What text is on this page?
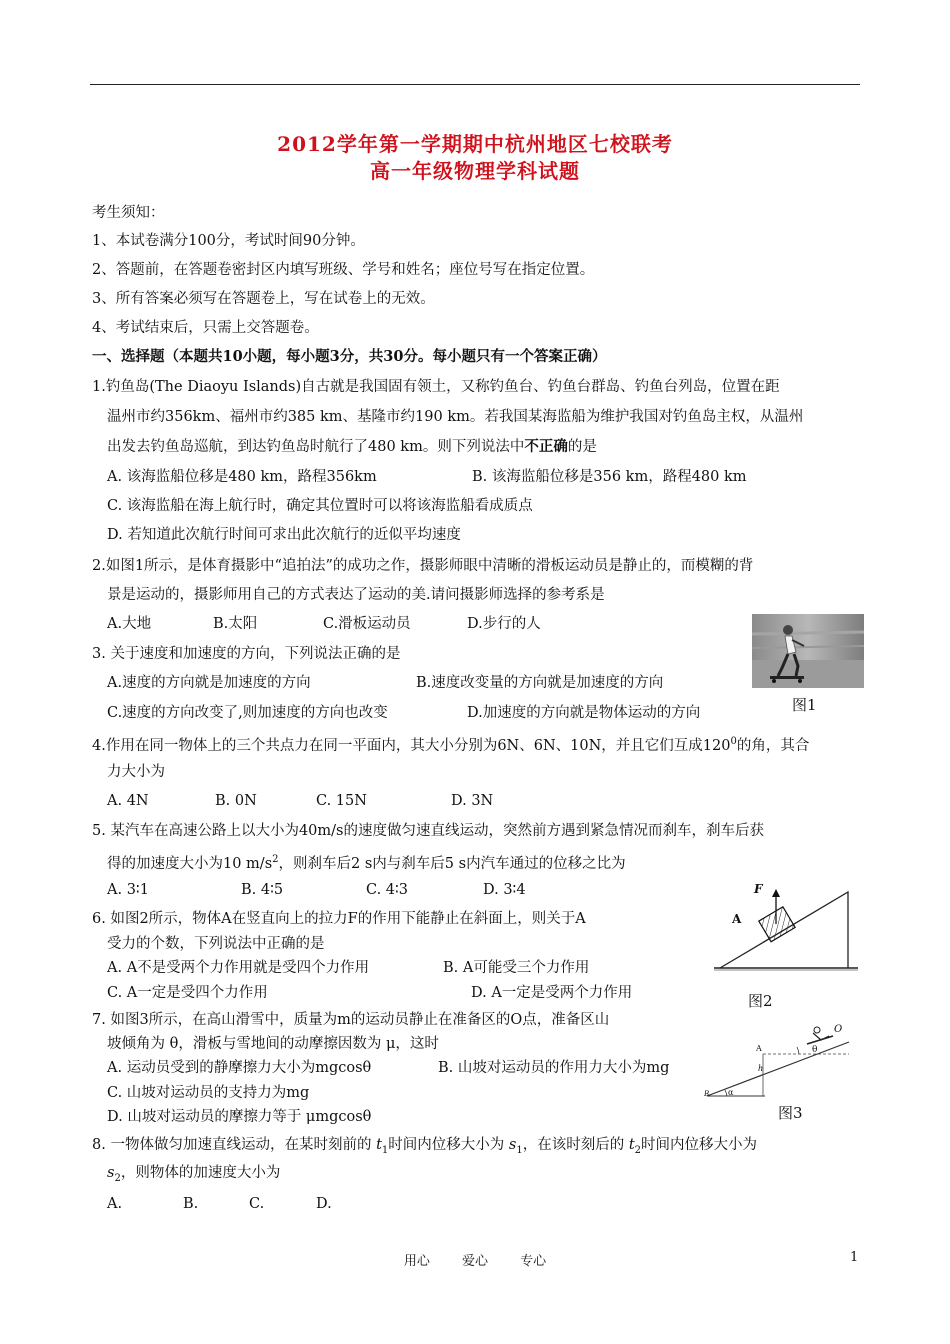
2012学年第一学期期中杭州地区七校联考
高一年级物理学科试题
考生须知：
1、本试卷满分100分，考试时间90分钟。
2、答题前，在答题卷密封区内填写班级、学号和姓名；座位号写在指定位置。
3、所有答案必须写在答题卷上，写在试卷上的无效。
4、考试结束后，只需上交答题卷。
一、选择题（本题共10小题，每小题3分，共30分。每小题只有一个答案正确）
1.钓鱼岛(The Diaoyu Islands)自古就是我国固有领土，又称钓鱼台、钓鱼台群岛、钓鱼台列岛，位置在距
温州市约356km、福州市约385 km、基隆市约190 km。若我国某海监船为维护我国对钓鱼岛主权，从温州
出发去钓鱼岛巡航，到达钓鱼岛时航行了480 km。则下列说法中不正确的是
A. 该海监船位移是480 km，路程356km	B. 该海监船位移是356 km，路程480 km
C. 该海监船在海上航行时，确定其位置时可以将该海监船看成质点
D. 若知道此次航行时间可求出此次航行的近似平均速度
2.如图1所示，是体育摄影中“追拍法”的成功之作，摄影师眼中清晰的滑板运动员是静止的，而模糊的背
景是运动的，摄影师用自己的方式表达了运动的美.请问摄影师选择的参考系是
A.大地	B.太阳	C.滑板运动员	D.步行的人
图1
3. 关于速度和加速度的方向，下列说法正确的是
A.速度的方向就是加速度的方向	B.速度改变量的方向就是加速度的方向
C.速度的方向改变了,则加速度的方向也改变	D.加速度的方向就是物体运动的方向
4.作用在同一物体上的三个共点力在同一平面内，其大小分别为6N、6N、10N，并且它们互成$120^0$的角，其合
力大小为
A. 4N	B. 0N	C. 15N	D. 3N
5. 某汽车在高速公路上以大小为40m/s的速度做匀速直线运动，突然前方遇到紧急情况而刹车，刹车后获
得的加速度大小为10 $m/s^2$，则刹车后2 s内与刹车后5 s内汽车通过的位移之比为
A. 3∶1	B. 4∶5	C. 4∶3	D. 3∶4	F
A
图2
6. 如图2所示，物体A在竖直向上的拉力F的作用下能静止在斜面上，则关于A
受力的个数，下列说法中正确的是
A. A不是受两个力作用就是受四个力作用	B. A可能受三个力作用
C. A一定是受四个力作用	D. A一定是受两个力作用
7. 如图3所示，在高山滑雪中，质量为m的运动员静止在准备区的O点，准备区山
坡倾角为 θ，滑板与雪地间的动摩擦因数为 μ，这时
A. 运动员受到的静摩擦力大小为mgcosθ	B. 山坡对运动员的作用力大小为mg
C. 山坡对运动员的支持力为mg
D. 山坡对运动员的摩擦力等于 μmgcosθ
O
A	θ
h
B α
图3
8. 一物体做匀加速直线运动，在某时刻前的 $t_1$时间内位移大小为 $s_1$，在该时刻后的 $t_2$时间内位移大小为
$s_2$，则物体的加速度大小为
A.	B.	C.	D.
用心 爱心 专心	1
